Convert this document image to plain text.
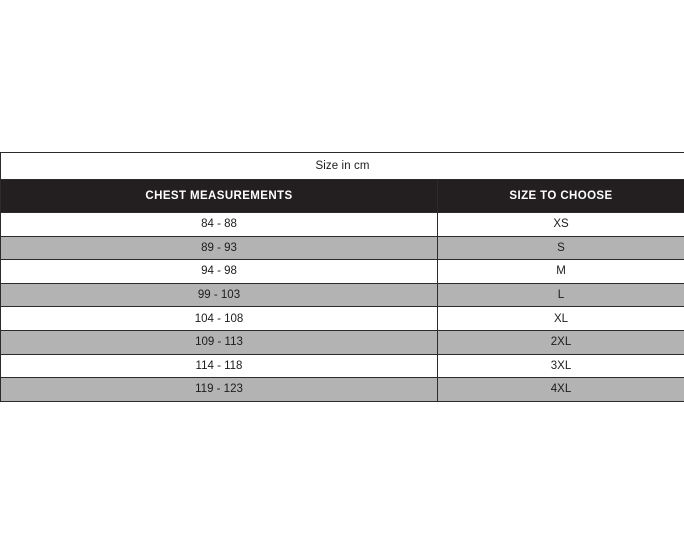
Size in cm	
CHEST MEASUREMENTS	SIZE TO CHOOSE
84 - 88	XS
89 - 93	S
94 - 98	M
99 - 103	L
104 - 108	XL
109 - 113	2XL
114 - 118	3XL
119 - 123	4XL
